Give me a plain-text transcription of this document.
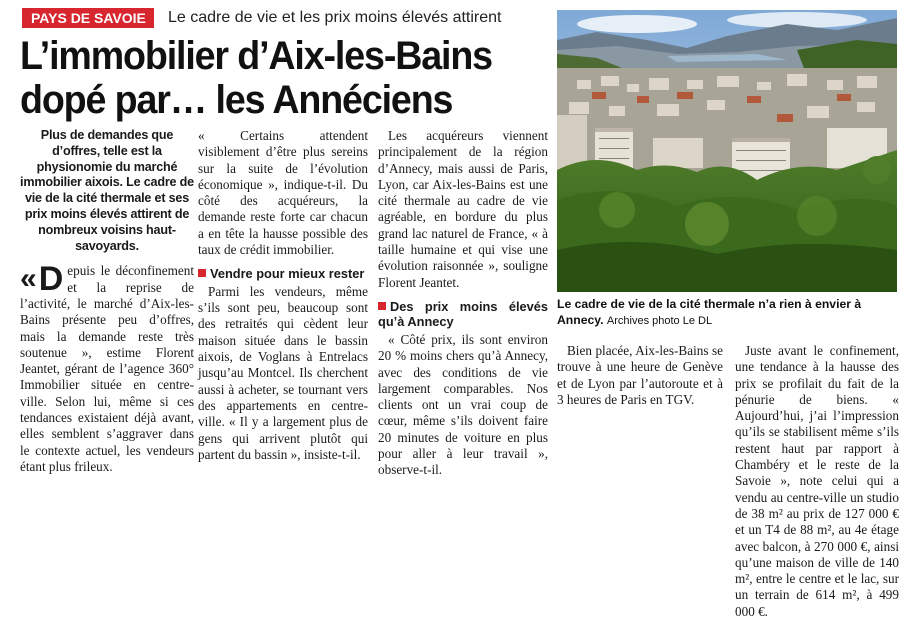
PAYS DE SAVOIE	Le cadre de vie et les prix moins élevés attirent
L’immobilier d’Aix-les-Bains
dopé par… les Annéciens
Le cadre de vie de la cité thermale n’a rien à envier à Annecy. Archives photo Le DL
Plus de demandes que d’offres, telle est la physionomie du marché immobilier aixois. Le cadre de vie de la cité thermale et ses prix moins élevés attirent de nombreux voisins haut-savoyards.

« D epuis le déconfinement et la reprise de l’activité, le marché d’Aix-les-Bains présente peu d’offres, mais la demande reste très soutenue », estime Florent Jeantet, gérant de l’agence 360° Immobilier située en centre-ville. Selon lui, même si ces tendances existaient déjà avant, elles semblent s’aggraver dans le contexte actuel, les vendeurs étant plus frileux.

« Certains attendent visiblement d’être plus sereins sur la suite de l’évolution économique », indique-t-il. Du côté des acquéreurs, la demande reste forte car chacun a en tête la hausse possible des taux de crédit immobilier.

Vendre pour mieux rester

Parmi les vendeurs, même s’ils sont peu, beaucoup sont des retraités qui cèdent leur maison située dans le bassin aixois, de Voglans à Entrelacs jusqu’au Montcel. Ils cherchent aussi à acheter, se tournant vers des appartements en centre-ville. « Il y a largement plus de gens qui arrivent plutôt qui partent du bassin », insiste-t-il.

Les acquéreurs viennent principalement de la région d’Annecy, mais aussi de Paris, Lyon, car Aix-les-Bains est une cité thermale au cadre de vie agréable, en bordure du plus grand lac naturel de France, « à taille humaine et qui vise une évolution raisonnée », souligne Florent Jeantet.

Des prix moins élevés qu’à Annecy

« Côté prix, ils sont environ 20 % moins chers qu’à Annecy, avec des conditions de vie largement comparables. Nos clients ont un vrai coup de cœur, même s’ils doivent faire 20 minutes de voiture en plus pour aller à leur travail », observe-t-il.

Bien placée, Aix-les-Bains se trouve à une heure de Genève et de Lyon par l’autoroute et à 3 heures de Paris en TGV.

Juste avant le confinement, une tendance à la hausse des prix se profilait du fait de la pénurie de biens. « Aujourd’hui, j’ai l’impression qu’ils se stabilisent même s’ils restent haut par rapport à Chambéry et le reste de la Savoie », note celui qui a vendu au centre-ville un studio de 38 m² au prix de 127 000 € et un T4 de 88 m², au 4e étage avec balcon, à 270 000 €, ainsi qu’une maison de ville de 140 m², entre le centre et le lac, sur un terrain de 614 m², à 499 000 €.
